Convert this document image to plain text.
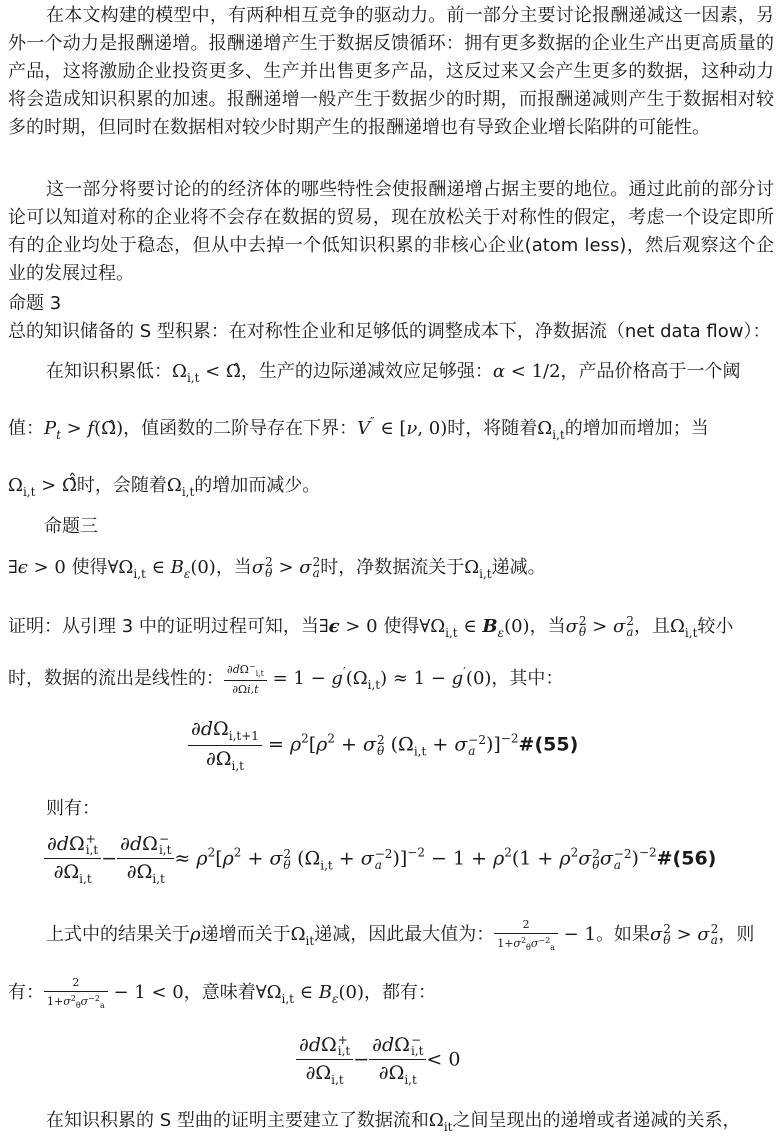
在本文构建的模型中，有两种相互竞争的驱动力。前一部分主要讨论报酬递减这一因素，另外一个动力是报酬递增。报酬递增产生于数据反馈循环：拥有更多数据的企业生产出更高质量的产品，这将激励企业投资更多、生产并出售更多产品，这反过来又会产生更多的数据，这种动力将会造成知识积累的加速。报酬递增一般产生于数据少的时期，而报酬递减则产生于数据相对较多的时期，但同时在数据相对较少时期产生的报酬递增也有导致企业增长陷阱的可能性。
这一部分将要讨论的的经济体的哪些特性会使报酬递增占据主要的地位。通过此前的部分讨论可以知道对称的企业将不会存在数据的贸易，现在放松关于对称性的假定，考虑一个设定即所有的企业均处于稳态，但从中去掉一个低知识积累的非核心企业(atom less)，然后观察这个企业的发展过程。
命题 3
总的知识储备的 S 型积累：在对称性企业和足够低的调整成本下，净数据流（net data flow）：
在知识积累低：$\Omega_{i,t}$ < Ω̂，生产的边际递减效应足够强：α < 1/2，产品价格高于一个阈
值：$P_t$ > f(Ω̂)，值函数的二阶导存在下界：V″ ∈ [ν, 0)时，将随着$\Omega_{i,t}$的增加而增加；当
$\Omega_{i,t}$ > Ω̂̂时，会随着$\Omega_{i,t}$的增加而减少。
命题三
∃ϵ > 0 使得$\forall\Omega_{i,t}$ ∈ $B_\varepsilon(0)$，当σ 2
θ > σ 2
a 时，净数据流关于$\Omega_{i,t}$递减。
证明：从引理 3 中的证明过程可知，当∃ϵ > 0 使得$\forall\Omega_{i,t}$ ∈ $B_\varepsilon(0)$，当σ 2
θ > σ 2
a ，且$\Omega_{i,t}$较小
时，数据的流出是线性的： $\frac{\partial d\Omega^-_{i,t}}{\partial\Omega i,t} = 1 - g'(\Omega_{i,t}) \approx 1 - g'(0)$，其中：
$\frac{\partial d\Omega_{i,t+1}}{\partial\Omega_{i,t}} = \rho^2[\rho^2 + \sigma$ 2
θ ($\Omega_{i,t} + \sigma -2$
a )]$^{-2}$#(55)
则有：
∂dΩ +
i,t
$\partial\Omega_{i,t} - \partial d\Omega$ −
i,t
$\partial\Omega_{i,t} \approx \rho^2[\rho^2 + \sigma$ 2
θ ($\Omega_{i,t} + \sigma -2$
a )]$^{-2} - 1 + \rho^2(1 + \rho^2\sigma$ 2
θ σ −2
a )$^{-2}$#(56)
上式中的结果关于ρ递增而关于$\Omega_{it}$递减，因此最大值为： $\frac{2}{1+\sigma^2_\theta\sigma^{-2}_a} - 1$。如果σ 2
θ > σ 2
a ，则
有： $\frac{2}{1+\sigma^2_\theta\sigma^{-2}_a} - 1 < 0$，意味着$\forall\Omega_{i,t}$ ∈ $B_\varepsilon(0)$，都有：
∂dΩ +
i,t
$\partial\Omega_{i,t} - \partial d\Omega$ −
i,t
$\partial\Omega_{i,t} < 0$
在知识积累的 S 型曲的证明主要建立了数据流和$\Omega_{it}$之间呈现出的递增或者递减的关系，
